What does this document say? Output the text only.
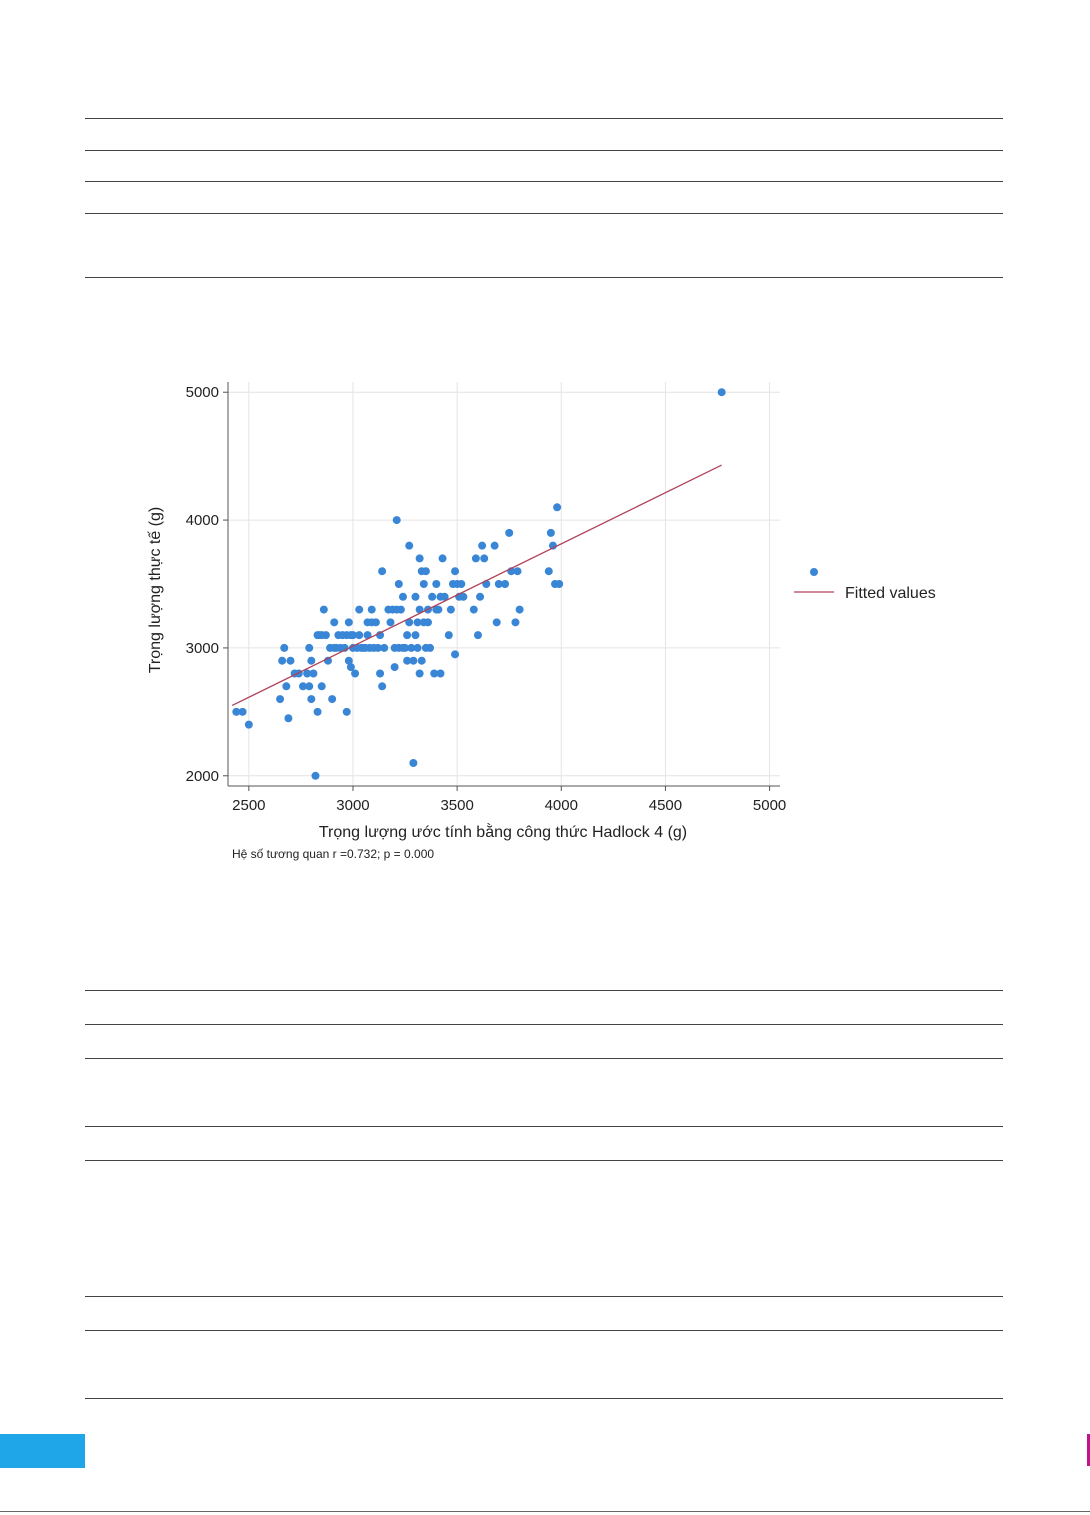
2500	3000	3500	4000	4500	5000
2000
3000
4000
5000
Trọng lượng ước tính bằng công thức Hadlock 4 (g)
Trọng lượng thực tế (g)
Hệ số tương quan r =0.732; p = 0.000
Fitted values
